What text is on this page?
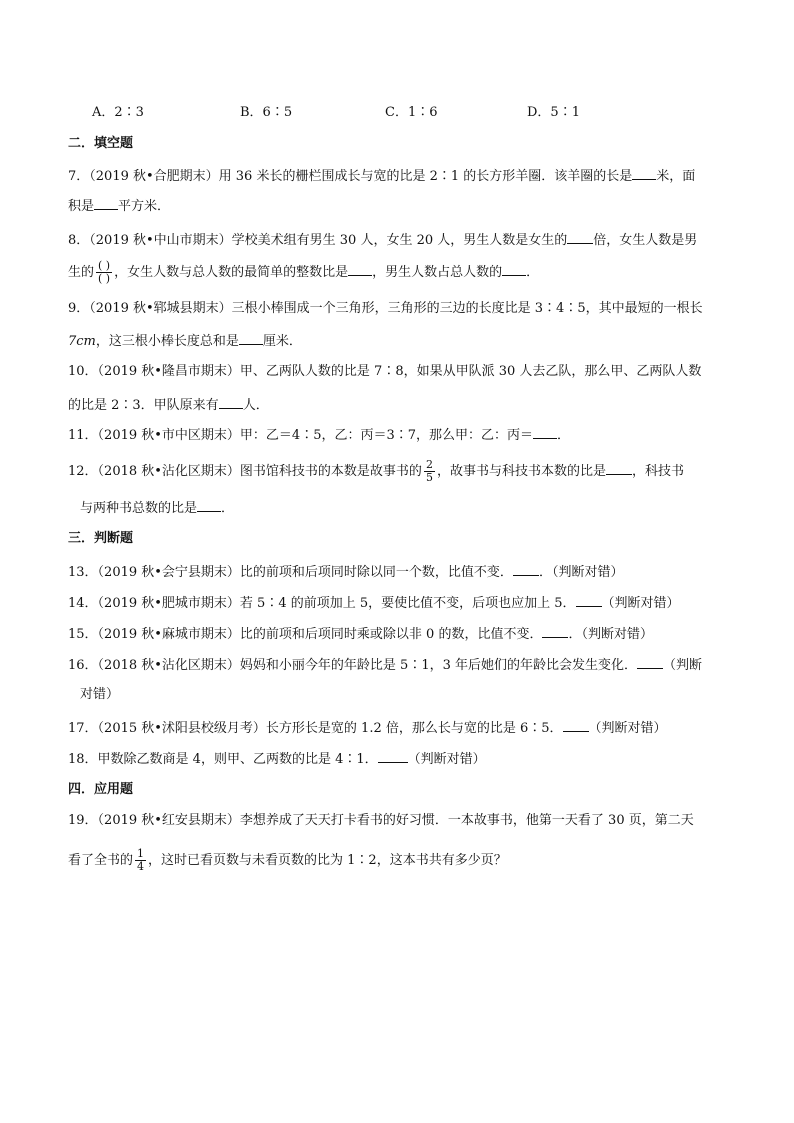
A．2∶3	B．6∶5	C．1∶6	D．5∶1
二．填空题
7．（2019 秋•合肥期末）用 36 米长的栅栏围成长与宽的比是 2∶1 的长方形羊圈．该羊圈的长是 米，面
积是 平方米．
8．（2019 秋•中山市期末）学校美术组有男生 30 人，女生 20 人，男生人数是女生的 倍，女生人数是男
生的 $\frac{( )}{( )}$ ，女生人数与总人数的最简单的整数比是 ，男生人数占总人数的 ．
9．（2019 秋•郓城县期末）三根小棒围成一个三角形，三角形的三边的长度比是 3∶4∶5，其中最短的一根长
7cm，这三根小棒长度总和是 厘米．
10．（2019 秋•隆昌市期末）甲、乙两队人数的比是 7∶8，如果从甲队派 30 人去乙队，那么甲、乙两队人数
的比是 2∶3．甲队原来有 人．
11．（2019 秋•市中区期末）甲：乙＝4∶5，乙：丙＝3∶7，那么甲：乙：丙＝ ．
12．（2018 秋•沾化区期末）图书馆科技书的本数是故事书的 $\frac{2}{5}$ ，故事书与科技书本数的比是 ，科技书
与两种书总数的比是 ．
三．判断题
13．（2019 秋•会宁县期末）比的前项和后项同时除以同一个数，比值不变． ．（判断对错）
14．（2019 秋•肥城市期末）若 5∶4 的前项加上 5，要使比值不变，后项也应加上 5． （判断对错）
15．（2019 秋•麻城市期末）比的前项和后项同时乘或除以非 0 的数，比值不变． ．（判断对错）
16．（2018 秋•沾化区期末）妈妈和小丽今年的年龄比是 5∶1，3 年后她们的年龄比会发生变化． （判断
对错）
17．（2015 秋•沭阳县校级月考）长方形长是宽的 1.2 倍，那么长与宽的比是 6∶5． （判断对错）
18．甲数除乙数商是 4，则甲、乙两数的比是 4∶1． （判断对错）
四．应用题
19．（2019 秋•红安县期末）李想养成了天天打卡看书的好习惯．一本故事书，他第一天看了 30 页，第二天
看了全书的 $\frac{1}{4}$ ，这时已看页数与未看页数的比为 1∶2，这本书共有多少页？
